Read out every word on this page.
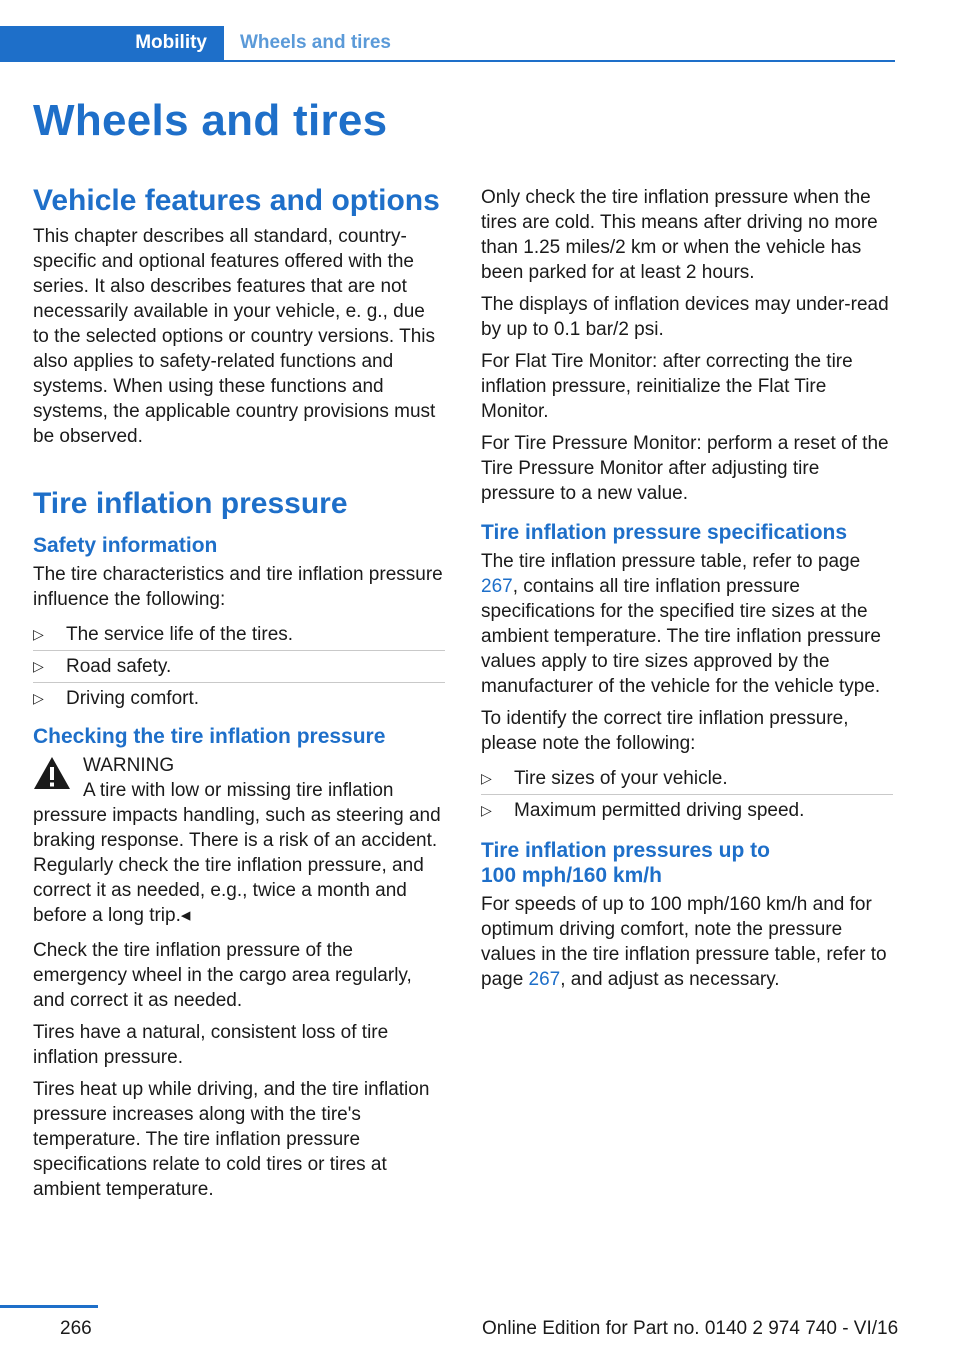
Mobility	Wheels and tires
Wheels and tires
Vehicle features and options

This chapter describes all standard, country-specific and optional features offered with the series. It also describes features that are not necessarily available in your vehicle, e. g., due to the selected options or country versions. This also applies to safety-related functions and systems. When using these functions and systems, the applicable country provisions must be observed.

Tire inflation pressure
Safety information

The tire characteristics and tire inflation pressure influence the following:

▷	The service life of the tires.
▷	Road safety.
▷	Driving comfort.
Checking the tire inflation pressure

WARNING

A tire with low or missing tire inflation

pressure impacts handling, such as steering and braking response. There is a risk of an accident. Regularly check the tire inflation pressure, and correct it as needed, e.g., twice a month and before a long trip.◂

Check the tire inflation pressure of the emergency wheel in the cargo area regularly, and correct it as needed.

Tires have a natural, consistent loss of tire inflation pressure.

Tires heat up while driving, and the tire inflation pressure increases along with the tire's temperature. The tire inflation pressure specifications relate to cold tires or tires at ambient temperature.

Only check the tire inflation pressure when the tires are cold. This means after driving no more than 1.25 miles/2 km or when the vehicle has been parked for at least 2 hours.

The displays of inflation devices may under-read by up to 0.1 bar/2 psi.

For Flat Tire Monitor: after correcting the tire inflation pressure, reinitialize the Flat Tire Monitor.

For Tire Pressure Monitor: perform a reset of the Tire Pressure Monitor after adjusting tire pressure to a new value.

Tire inflation pressure specifications

The tire inflation pressure table, refer to page 267, contains all tire inflation pressure specifications for the specified tire sizes at the ambient temperature. The tire inflation pressure values apply to tire sizes approved by the manufacturer of the vehicle for the vehicle type.

To identify the correct tire inflation pressure, please note the following:

▷	Tire sizes of your vehicle.
▷	Maximum permitted driving speed.
Tire inflation pressures up to
100 mph/160 km/h

For speeds of up to 100 mph/160 km/h and for optimum driving comfort, note the pressure values in the tire inflation pressure table, refer to page 267, and adjust as necessary.

266	Online Edition for Part no. 0140 2 974 740 - VI/16
